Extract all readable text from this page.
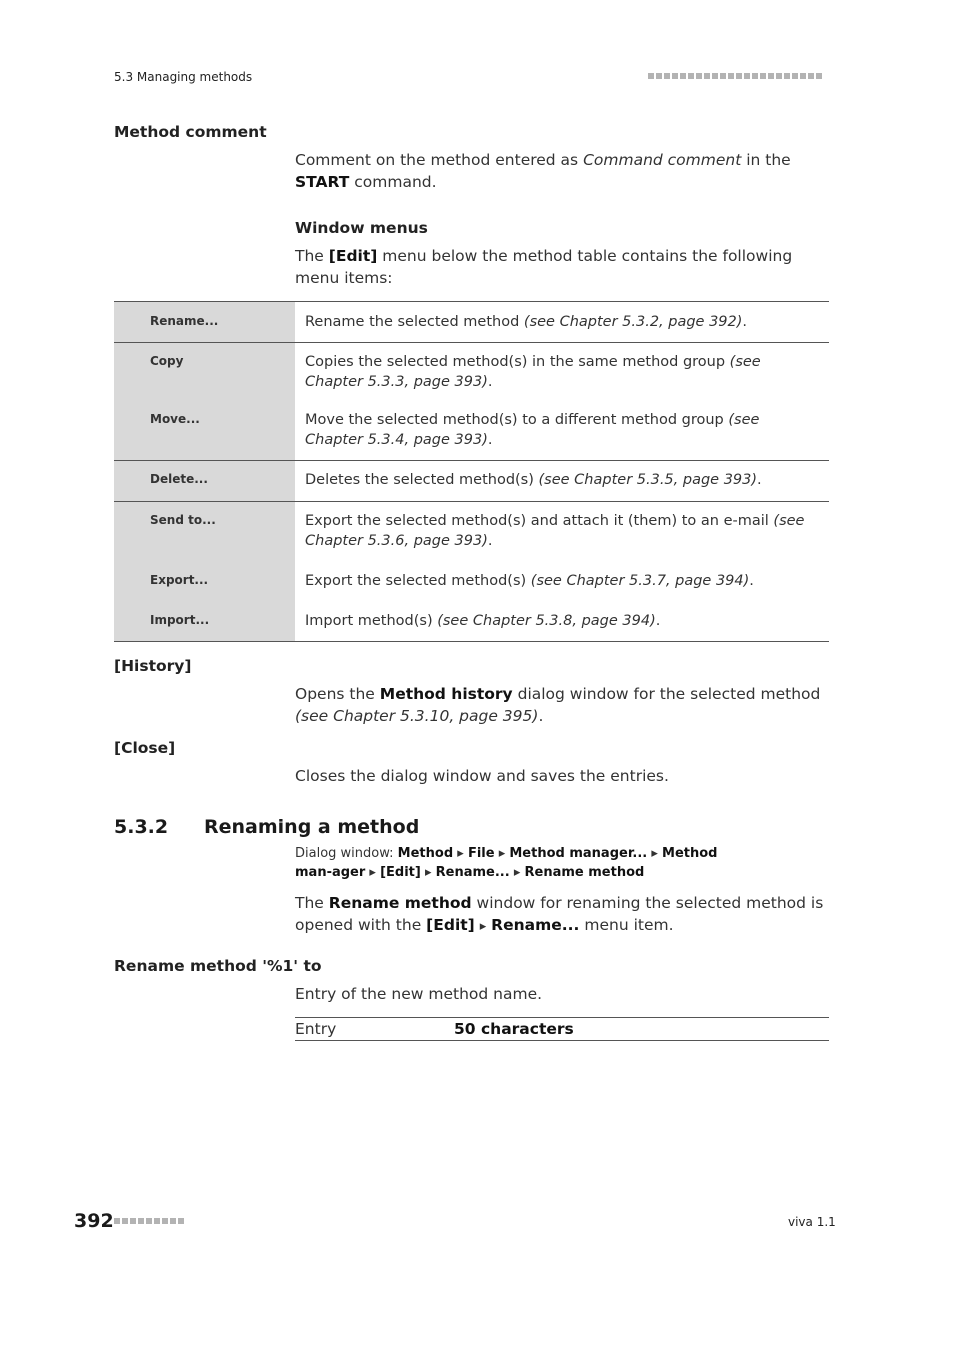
5.3 Managing methods
Method comment
Comment on the method entered as Command comment in the START command.
Window menus
The [Edit] menu below the method table contains the following menu items:
Rename...	Rename the selected method (see Chapter 5.3.2, page 392).
Copy	Copies the selected method(s) in the same method group (see Chapter 5.3.3, page 393).
Move...	Move the selected method(s) to a different method group (see Chapter 5.3.4, page 393).
Delete...	Deletes the selected method(s) (see Chapter 5.3.5, page 393).
Send to...	Export the selected method(s) and attach it (them) to an e-mail (see Chapter 5.3.6, page 393).
Export...	Export the selected method(s) (see Chapter 5.3.7, page 394).
Import...	Import method(s) (see Chapter 5.3.8, page 394).
[History]
Opens the Method history dialog window for the selected method (see Chapter 5.3.10, page 395).
[Close]
Closes the dialog window and saves the entries.
5.3.2 Renaming a method
Dialog window: Method ▸ File ▸ Method manager... ▸ Method man-ager ▸ [Edit] ▸ Rename... ▸ Rename method
The Rename method window for renaming the selected method is opened with the [Edit] ▸ Rename... menu item.
Rename method '%1' to
Entry of the new method name.
Entry	50 characters
392	viva 1.1
